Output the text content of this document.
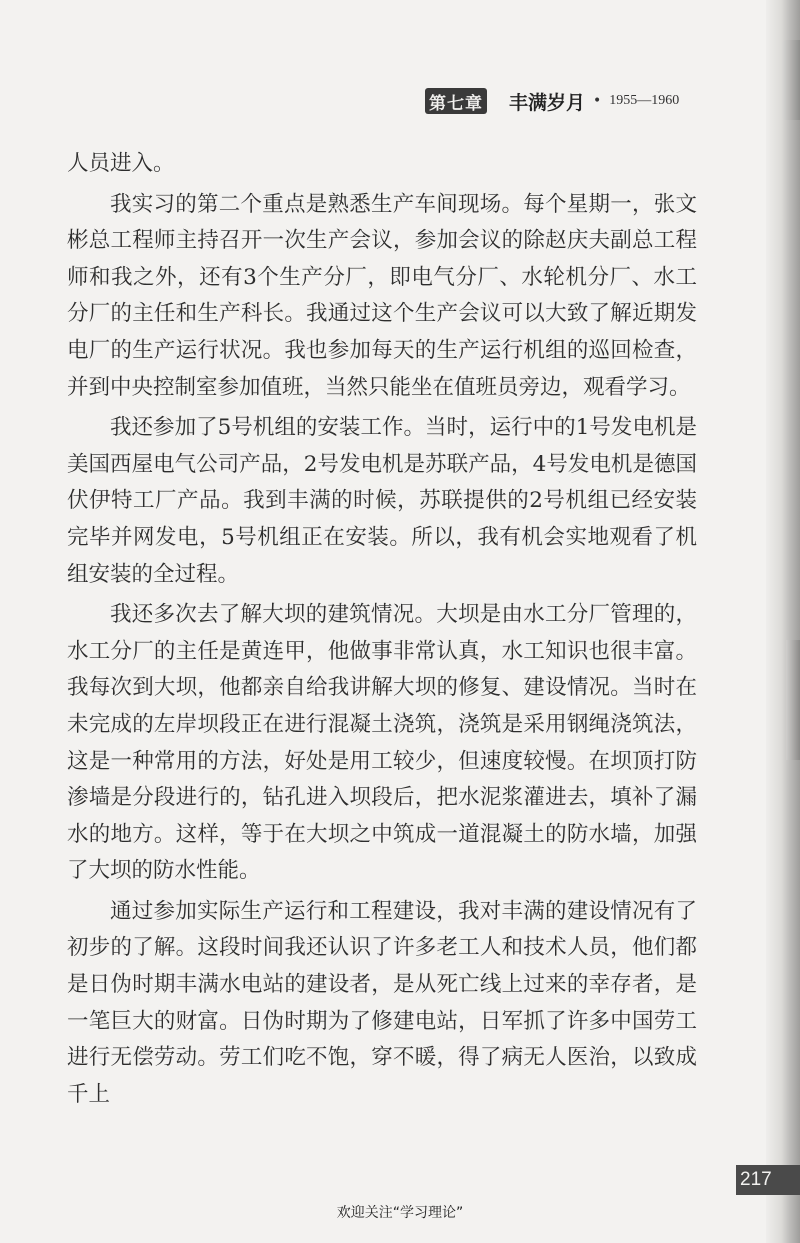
第七章 丰满岁月 • 1955—1960

人员进入。

我实习的第二个重点是熟悉生产车间现场。每个星期一，张文彬总工程师主持召开一次生产会议，参加会议的除赵庆夫副总工程师和我之外，还有3个生产分厂，即电气分厂、水轮机分厂、水工分厂的主任和生产科长。我通过这个生产会议可以大致了解近期发电厂的生产运行状况。我也参加每天的生产运行机组的巡回检查，并到中央控制室参加值班，当然只能坐在值班员旁边，观看学习。

我还参加了5号机组的安装工作。当时，运行中的1号发电机是美国西屋电气公司产品，2号发电机是苏联产品，4号发电机是德国伏伊特工厂产品。我到丰满的时候，苏联提供的2号机组已经安装完毕并网发电，5号机组正在安装。所以，我有机会实地观看了机组安装的全过程。

我还多次去了解大坝的建筑情况。大坝是由水工分厂管理的，水工分厂的主任是黄连甲，他做事非常认真，水工知识也很丰富。我每次到大坝，他都亲自给我讲解大坝的修复、建设情况。当时在未完成的左岸坝段正在进行混凝土浇筑，浇筑是采用钢绳浇筑法，这是一种常用的方法，好处是用工较少，但速度较慢。在坝顶打防渗墙是分段进行的，钻孔进入坝段后，把水泥浆灌进去，填补了漏水的地方。这样，等于在大坝之中筑成一道混凝土的防水墙，加强了大坝的防水性能。

通过参加实际生产运行和工程建设，我对丰满的建设情况有了初步的了解。这段时间我还认识了许多老工人和技术人员，他们都是日伪时期丰满水电站的建设者，是从死亡线上过来的幸存者，是一笔巨大的财富。日伪时期为了修建电站，日军抓了许多中国劳工进行无偿劳动。劳工们吃不饱，穿不暖，得了病无人医治，以致成千上

217
欢迎关注“学习理论”
